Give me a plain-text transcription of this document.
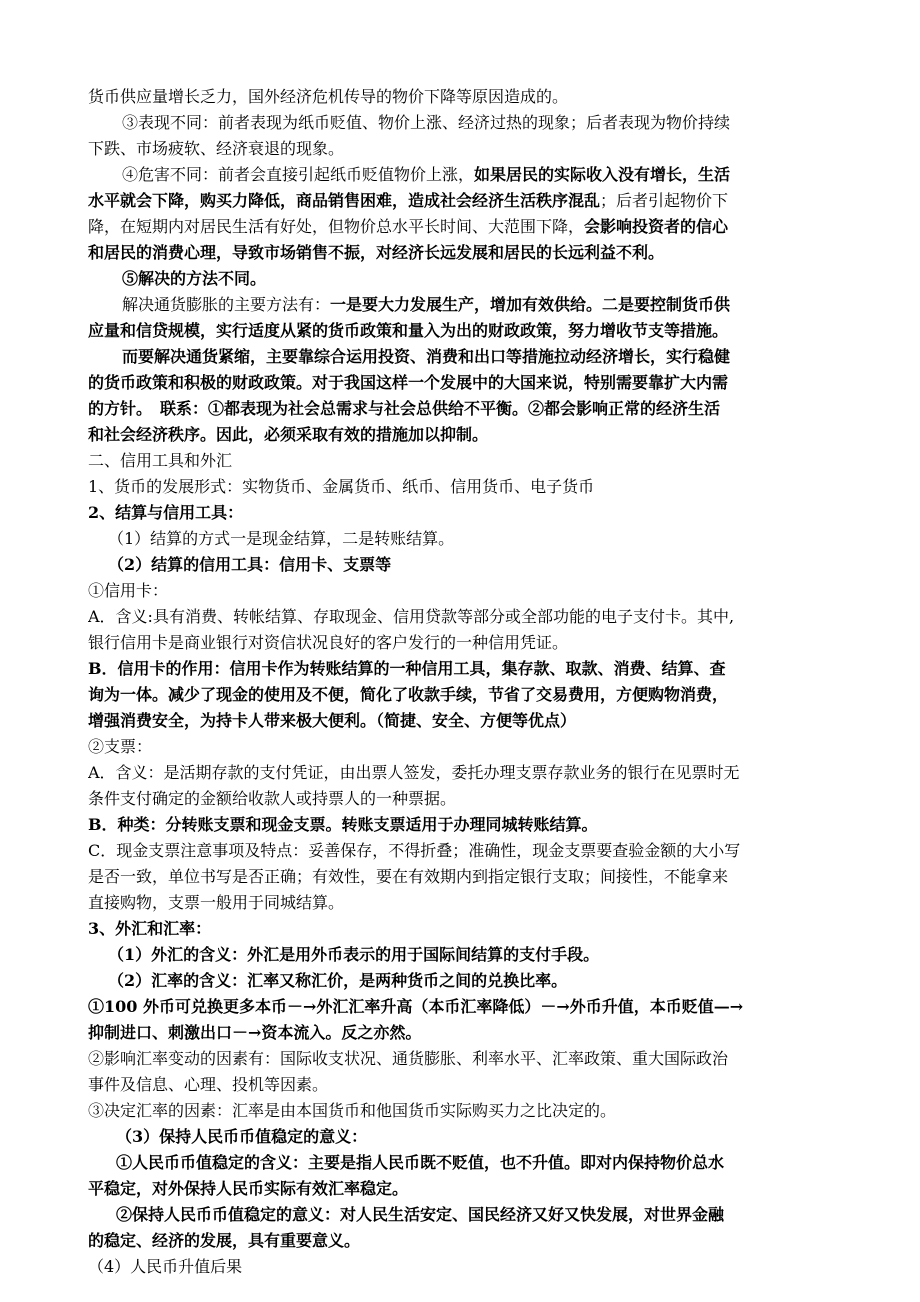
货币供应量增长乏力，国外经济危机传导的物价下降等原因造成的。
③表现不同：前者表现为纸币贬值、物价上涨、经济过热的现象；后者表现为物价持续
下跌、市场疲软、经济衰退的现象。
④危害不同：前者会直接引起纸币贬值物价上涨，如果居民的实际收入没有增长，生活
水平就会下降，购买力降低，商品销售困难，造成社会经济生活秩序混乱；后者引起物价下
降，在短期内对居民生活有好处，但物价总水平长时间、大范围下降，会影响投资者的信心
和居民的消费心理，导致市场销售不振，对经济长远发展和居民的长远利益不利。
⑤解决的方法不同。
解决通货膨胀的主要方法有：一是要大力发展生产，增加有效供给。二是要控制货币供
应量和信贷规模，实行适度从紧的货币政策和量入为出的财政政策，努力增收节支等措施。
而要解决通货紧缩，主要靠综合运用投资、消费和出口等措施拉动经济增长，实行稳健
的货币政策和积极的财政政策。对于我国这样一个发展中的大国来说，特别需要靠扩大内需
的方针。　联系：①都表现为社会总需求与社会总供给不平衡。②都会影响正常的经济生活
和社会经济秩序。因此，必须采取有效的措施加以抑制。
二、信用工具和外汇
1、货币的发展形式：实物货币、金属货币、纸币、信用货币、电子货币
2、结算与信用工具：
（1）结算的方式一是现金结算，二是转账结算。
（2）结算的信用工具：信用卡、支票等
①信用卡：
A．含义:具有消费、转帐结算、存取现金、信用贷款等部分或全部功能的电子支付卡。其中,
银行信用卡是商业银行对资信状况良好的客户发行的一种信用凭证。
B．信用卡的作用：信用卡作为转账结算的一种信用工具，集存款、取款、消费、结算、查
询为一体。减少了现金的使用及不便，简化了收款手续，节省了交易费用，方便购物消费，
增强消费安全，为持卡人带来极大便利。（简捷、安全、方便等优点）
②支票：
A．含义：是活期存款的支付凭证，由出票人签发，委托办理支票存款业务的银行在见票时无
条件支付确定的金额给收款人或持票人的一种票据。
B．种类：分转账支票和现金支票。转账支票适用于办理同城转账结算。
C．现金支票注意事项及特点：妥善保存，不得折叠；准确性，现金支票要查验金额的大小写
是否一致，单位书写是否正确；有效性，要在有效期内到指定银行支取；间接性，不能拿来
直接购物，支票一般用于同城结算。
3、外汇和汇率：
（1）外汇的含义：外汇是用外币表示的用于国际间结算的支付手段。
（2）汇率的含义：汇率又称汇价，是两种货币之间的兑换比率。
①100 外币可兑换更多本币－→外汇汇率升高（本币汇率降低）－→外币升值，本币贬值—→
抑制进口、刺激出口－→资本流入。反之亦然。
②影响汇率变动的因素有：国际收支状况、通货膨胀、利率水平、汇率政策、重大国际政治
事件及信息、心理、投机等因素。
③决定汇率的因素：汇率是由本国货币和他国货币实际购买力之比决定的。
（3）保持人民币币值稳定的意义：
①人民币币值稳定的含义：主要是指人民币既不贬值，也不升值。即对内保持物价总水
平稳定，对外保持人民币实际有效汇率稳定。
②保持人民币币值稳定的意义：对人民生活安定、国民经济又好又快发展，对世界金融
的稳定、经济的发展，具有重要意义。
（4）人民币升值后果
